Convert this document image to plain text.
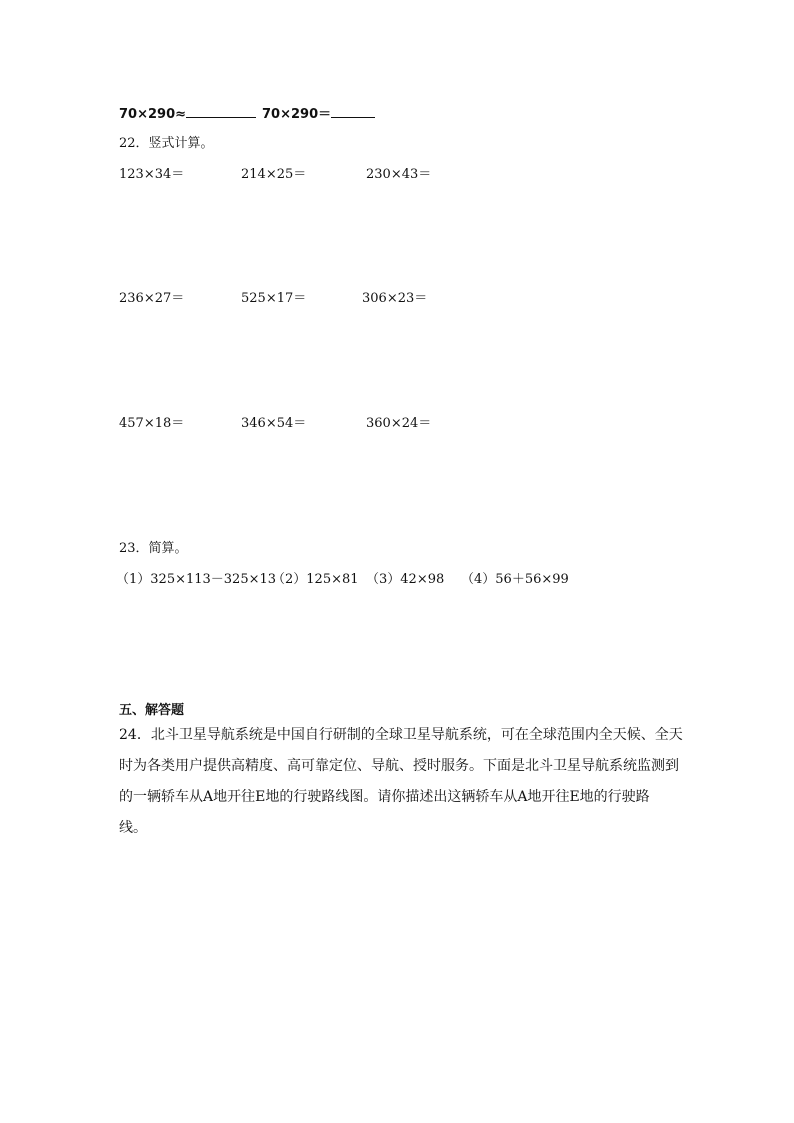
70×290≈	70×290＝
22．竖式计算。
123×34＝	214×25＝	230×43＝
236×27＝	525×17＝	306×23＝
457×18＝	346×54＝	360×24＝
23．简算。
（1）325×113－325×13
（2）125×81 （3）42×98 （4）56＋56×99
五、解答题
24．北斗卫星导航系统是中国自行研制的全球卫星导航系统，可在全球范围内全天候、全天
时为各类用户提供高精度、高可靠定位、导航、授时服务。下面是北斗卫星导航系统监测到
的一辆轿车从A地开往E地的行驶路线图。请你描述出这辆轿车从A地开往E地的行驶路
线。
